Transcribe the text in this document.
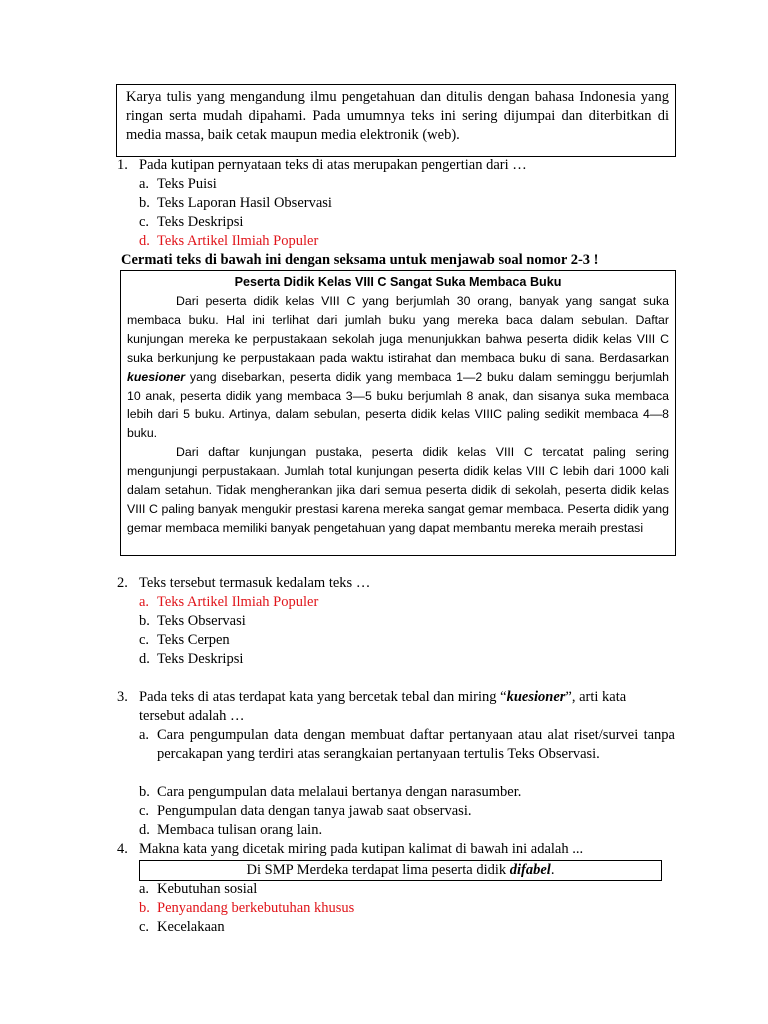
Karya tulis yang mengandung ilmu pengetahuan dan ditulis dengan bahasa Indonesia yang ringan serta mudah dipahami. Pada umumnya teks ini sering dijumpai dan diterbitkan di media massa, baik cetak maupun media elektronik (web).
1. Pada kutipan pernyataan teks di atas merupakan pengertian dari …
a. Teks Puisi
b. Teks Laporan Hasil Observasi
c. Teks Deskripsi
d. Teks Artikel Ilmiah Populer
Cermati teks di bawah ini dengan seksama untuk menjawab soal nomor 2-3 !
Peserta Didik Kelas VIII C Sangat Suka Membaca Buku

Dari peserta didik kelas VIII C yang berjumlah 30 orang, banyak yang sangat suka membaca buku. Hal ini terlihat dari jumlah buku yang mereka baca dalam sebulan. Daftar kunjungan mereka ke perpustakaan sekolah juga menunjukkan bahwa peserta didik kelas VIII C suka berkunjung ke perpustakaan pada waktu istirahat dan membaca buku di sana. Berdasarkan kuesioner yang disebarkan, peserta didik yang membaca 1—2 buku dalam seminggu berjumlah 10 anak, peserta didik yang membaca 3—5 buku berjumlah 8 anak, dan sisanya suka membaca lebih dari 5 buku. Artinya, dalam sebulan, peserta didik kelas VIIIC paling sedikit membaca 4—8 buku.

Dari daftar kunjungan pustaka, peserta didik kelas VIII C tercatat paling sering mengunjungi perpustakaan. Jumlah total kunjungan peserta didik kelas VIII C lebih dari 1000 kali dalam setahun. Tidak mengherankan jika dari semua peserta didik di sekolah, peserta didik kelas VIII C paling banyak mengukir prestasi karena mereka sangat gemar membaca. Peserta didik yang gemar membaca memiliki banyak pengetahuan yang dapat membantu mereka meraih prestasi

2. Teks tersebut termasuk kedalam teks …
a. Teks Artikel Ilmiah Populer
b. Teks Observasi
c. Teks Cerpen
d. Teks Deskripsi
3. Pada teks di atas terdapat kata yang bercetak tebal dan miring “kuesioner”, arti kata tersebut adalah …
a. Cara pengumpulan data dengan membuat daftar pertanyaan atau alat riset/survei tanpa percakapan yang terdiri atas serangkaian pertanyaan tertulis Teks Observasi.
b. Cara pengumpulan data melalaui bertanya dengan narasumber.
c. Pengumpulan data dengan tanya jawab saat observasi.
d. Membaca tulisan orang lain.
4. Makna kata yang dicetak miring pada kutipan kalimat di bawah ini adalah ...
Di SMP Merdeka terdapat lima peserta didik difabel.
a. Kebutuhan sosial
b. Penyandang berkebutuhan khusus
c. Kecelakaan
